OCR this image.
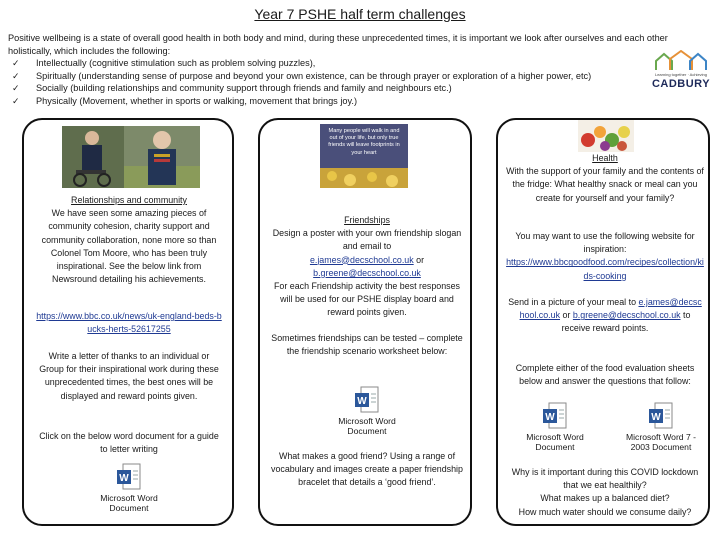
Year 7 PSHE half term challenges

Positive wellbeing is a state of overall good health in both body and mind, during these unprecedented times, it is important we look after ourselves and each other holistically, which includes the following:

✓ Intellectually (cognitive stimulation such as problem solving puzzles),
✓ Spiritually (understanding sense of purpose and beyond your own existence, can be through prayer or exploration of a higher power, etc)
✓ Socially (building relationships and community support through friends and family and neighbours etc.)
✓ Physically (Movement, whether in sports or walking, movement that brings joy.)
Learning together · Achieving
CADBURY
Relationships and community
We have seen some amazing pieces of community cohesion, charity support and community collaboration, none more so than Colonel Tom Moore, who has been truly inspirational. See the below link from Newsround detailing his achievements.
https://www.bbc.co.uk/news/uk-england-beds-bucks-herts-52617255
Write a letter of thanks to an individual or Group for their inspirational work during these unprecedented times, the best ones will be displayed and reward points given.
Click on the below word document for a guide to letter writing
W
Microsoft Word Document
Many people will walk in and out of your life, but only true friends will leave footprints in your heart
Friendships
Design a poster with your own friendship slogan and email to
e.james@decschool.co.uk or
b.greene@decschool.co.uk
For each Friendship activity the best responses will be used for our PSHE display board and reward points given.
Sometimes friendships can be tested – complete the friendship scenario worksheet below:
W
Microsoft Word Document
What makes a good friend? Using a range of vocabulary and images create a paper friendship bracelet that details a ‘good friend’.
Health
With the support of your family and the contents of the fridge: What healthy snack or meal can you create for yourself and your family?
You may want to use the following website for inspiration:
https://www.bbcgoodfood.com/recipes/collection/kids-cooking
Send in a picture of your meal to e.james@decschool.co.uk or b.greene@decschool.co.uk to receive reward points.
Complete either of the food evaluation sheets below and answer the questions that follow:
W
Microsoft Word Document
W
Microsoft Word 7 - 2003 Document
Why is it important during this COVID lockdown that we eat healthily?
What makes up a balanced diet?
How much water should we consume daily?
